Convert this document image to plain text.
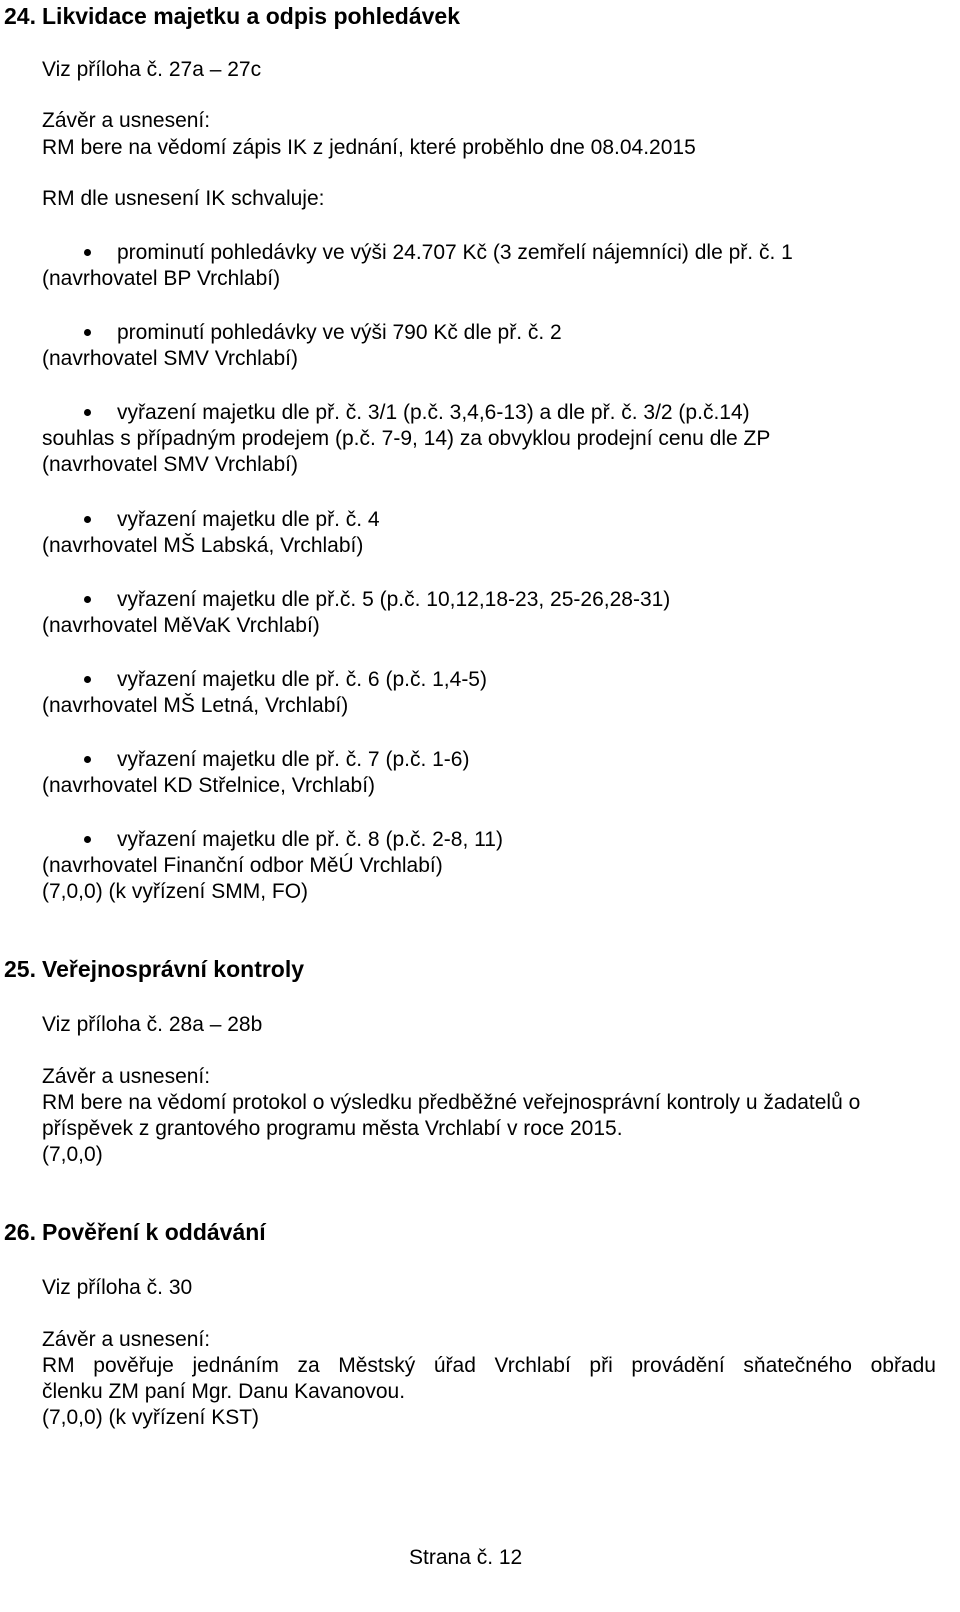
24. Likvidace majetku a odpis pohledávek
Viz příloha č. 27a – 27c
Závěr a usnesení:
RM bere na vědomí zápis IK z jednání, které proběhlo dne 08.04.2015
RM dle usnesení IK schvaluje:
prominutí pohledávky ve výši 24.707 Kč (3 zemřelí nájemníci) dle př. č. 1
(navrhovatel BP Vrchlabí)
prominutí pohledávky ve výši 790 Kč dle př. č. 2
(navrhovatel SMV Vrchlabí)
vyřazení majetku dle př. č. 3/1 (p.č. 3,4,6-13) a dle př. č. 3/2 (p.č.14)
souhlas s případným prodejem (p.č. 7-9, 14) za obvyklou prodejní cenu dle ZP
(navrhovatel SMV Vrchlabí)
vyřazení majetku dle př. č. 4
(navrhovatel MŠ Labská, Vrchlabí)
vyřazení majetku dle př.č. 5 (p.č. 10,12,18-23, 25-26,28-31)
(navrhovatel MěVaK Vrchlabí)
vyřazení majetku dle př. č. 6 (p.č. 1,4-5)
(navrhovatel MŠ Letná, Vrchlabí)
vyřazení majetku dle př. č. 7 (p.č. 1-6)
(navrhovatel KD Střelnice, Vrchlabí)
vyřazení majetku dle př. č. 8 (p.č. 2-8, 11)
(navrhovatel Finanční odbor MěÚ Vrchlabí)
(7,0,0) (k vyřízení SMM, FO)
25. Veřejnosprávní kontroly
Viz příloha č. 28a – 28b
Závěr a usnesení:
RM bere na vědomí protokol o výsledku předběžné veřejnosprávní kontroly u žadatelů o
příspěvek z grantového programu města Vrchlabí v roce 2015.
(7,0,0)
26. Pověření k oddávání
Viz příloha č. 30
Závěr a usnesení:
RM pověřuje jednáním za Městský úřad Vrchlabí při provádění sňatečného obřadu
členku ZM paní Mgr. Danu Kavanovou.
(7,0,0) (k vyřízení KST)
Strana č. 12
